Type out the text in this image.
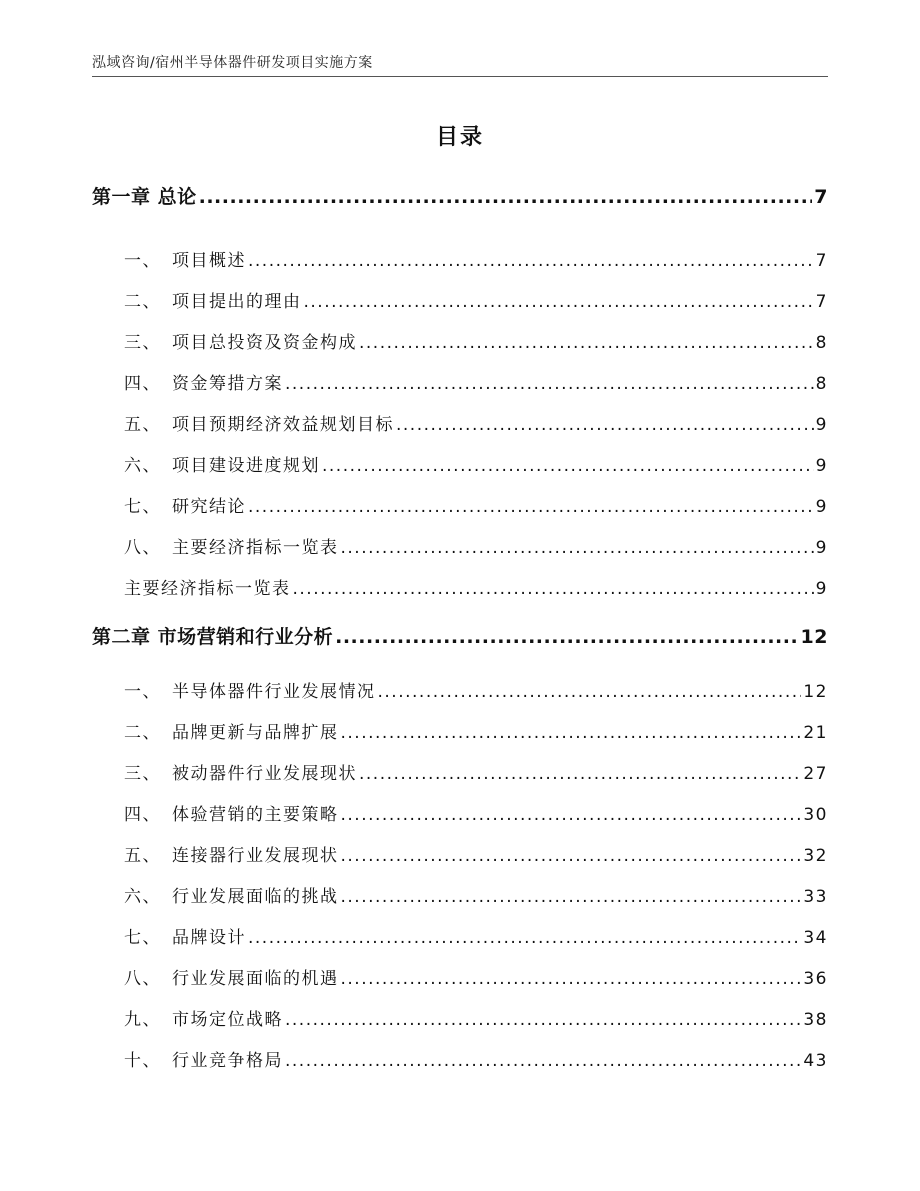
泓域咨询/宿州半导体器件研发项目实施方案
目录
第一章 总论 .....	7
一、 项目概述 .....	7
二、 项目提出的理由 .....	7
三、 项目总投资及资金构成 .....	8
四、 资金筹措方案 .....	8
五、 项目预期经济效益规划目标 .....	9
六、 项目建设进度规划 .....	9
七、 研究结论 .....	9
八、 主要经济指标一览表 .....	9
主要经济指标一览表 .....	9
第二章 市场营销和行业分析 .....	12
一、 半导体器件行业发展情况 .....	12
二、 品牌更新与品牌扩展 .....	21
三、 被动器件行业发展现状 .....	27
四、 体验营销的主要策略 .....	30
五、 连接器行业发展现状 .....	32
六、 行业发展面临的挑战 .....	33
七、 品牌设计 .....	34
八、 行业发展面临的机遇 .....	36
九、 市场定位战略 .....	38
十、 行业竞争格局 .....	43
